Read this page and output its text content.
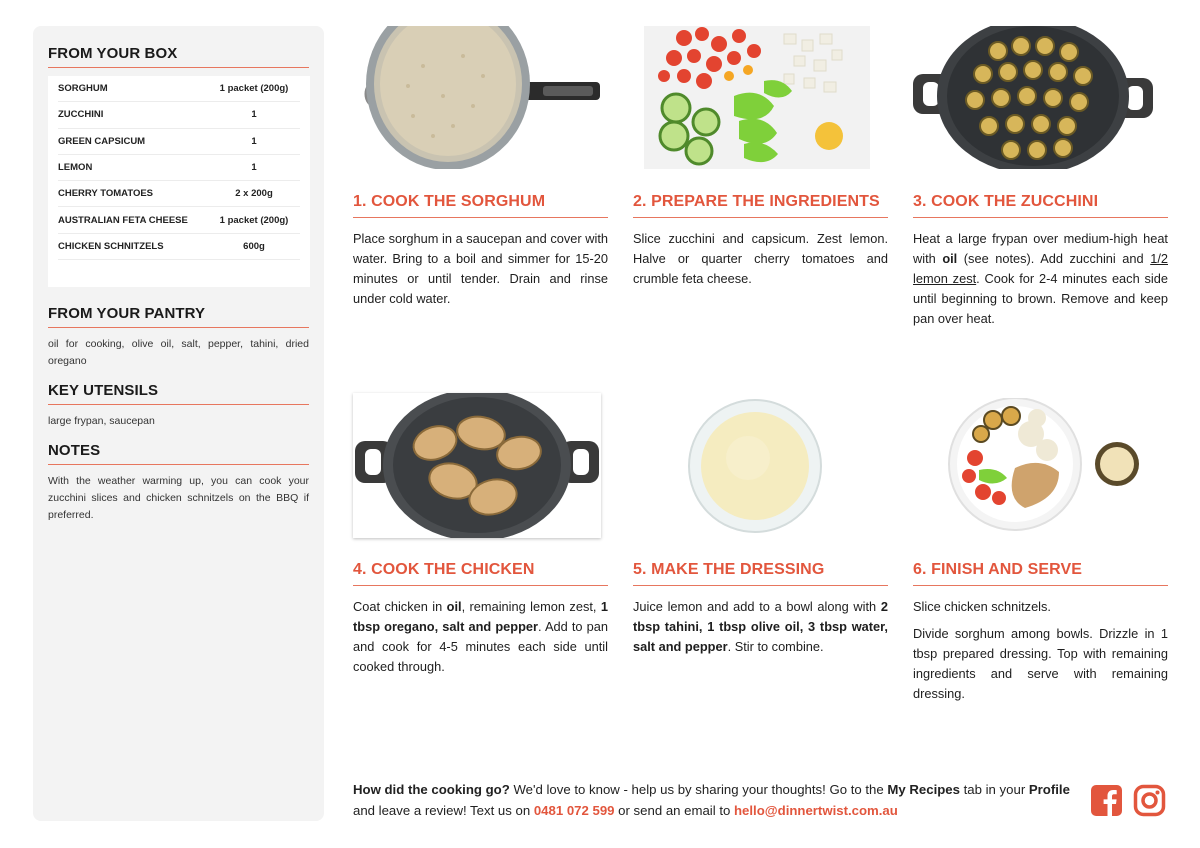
FROM YOUR BOX
SORGHUM	1 packet (200g)
ZUCCHINI	1
GREEN CAPSICUM	1
LEMON	1
CHERRY TOMATOES	2 x 200g
AUSTRALIAN FETA CHEESE	1 packet (200g)
CHICKEN SCHNITZELS	600g
FROM YOUR PANTRY
oil for cooking, olive oil, salt, pepper, tahini, dried oregano
KEY UTENSILS
large frypan, saucepan
NOTES
With the weather warming up, you can cook your zucchini slices and chicken schnitzels on the BBQ if preferred.
1. COOK THE SORGHUM

Place sorghum in a saucepan and cover with water. Bring to a boil and simmer for 15-20 minutes or until tender. Drain and rinse under cold water.

2. PREPARE THE INGREDIENTS

Slice zucchini and capsicum. Zest lemon. Halve or quarter cherry tomatoes and crumble feta cheese.

3. COOK THE ZUCCHINI

Heat a large frypan over medium-high heat with oil (see notes). Add zucchini and 1/2 lemon zest. Cook for 2-4 minutes each side until beginning to brown. Remove and keep pan over heat.

4. COOK THE CHICKEN

Coat chicken in oil, remaining lemon zest, 1 tbsp oregano, salt and pepper. Add to pan and cook for 4-5 minutes each side until cooked through.

5. MAKE THE DRESSING

Juice lemon and add to a bowl along with 2 tbsp tahini, 1 tbsp olive oil, 3 tbsp water, salt and pepper. Stir to combine.

6. FINISH AND SERVE

Slice chicken schnitzels.

Divide sorghum among bowls. Drizzle in 1 tbsp prepared dressing. Top with remaining ingredients and serve with remaining dressing.

How did the cooking go? We'd love to know - help us by sharing your thoughts! Go to the My Recipes tab in your Profile and leave a review! Text us on 0481 072 599 or send an email to hello@dinnertwist.com.au
